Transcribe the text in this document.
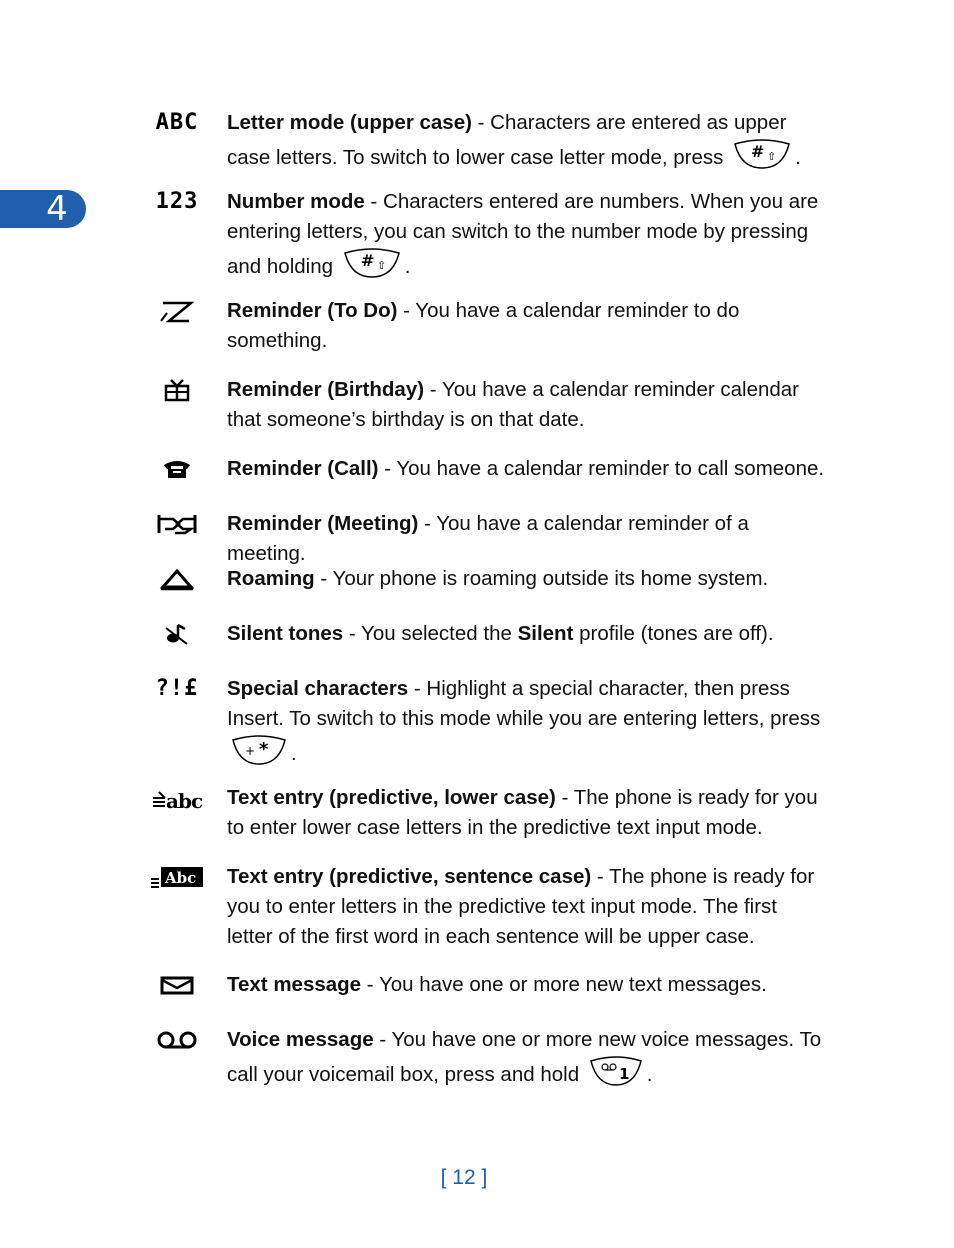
4
ABC Letter mode (upper case) - Characters are entered as upper case letters. To switch to lower case letter mode, press # ⇧ .
123 Number mode - Characters entered are numbers. When you are entering letters, you can switch to the number mode by pressing and holding # ⇧ .
Reminder (To Do) - You have a calendar reminder to do something.
Reminder (Birthday) - You have a calendar reminder calendar that someone’s birthday is on that date.
Reminder (Call) - You have a calendar reminder to call someone.
Reminder (Meeting) - You have a calendar reminder of a meeting.
Roaming - Your phone is roaming outside its home system.
Silent tones - You selected the Silent profile (tones are off).
?!£ Special characters - Highlight a special character, then press Insert. To switch to this mode while you are entering letters, press
+ * .
abc Text entry (predictive, lower case) - The phone is ready for you to enter lower case letters in the predictive text input mode.
Abc Text entry (predictive, sentence case) - The phone is ready for you to enter letters in the predictive text input mode. The first letter of the first word in each sentence will be upper case.
Text message - You have one or more new text messages.
Voice message - You have one or more new voice messages. To call your voicemail box, press and hold 1 .
[ 12 ]
